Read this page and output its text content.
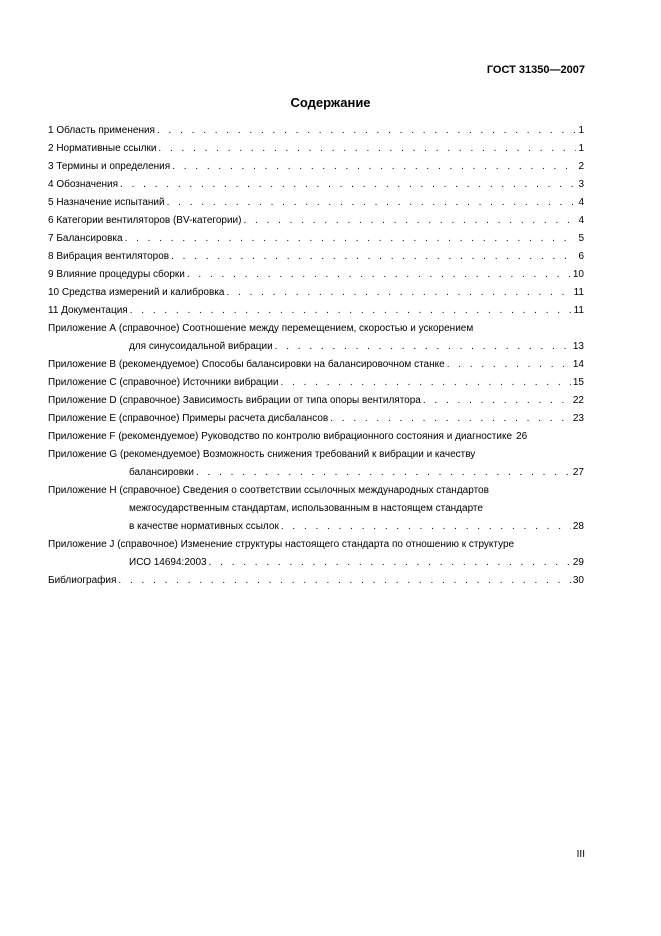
ГОСТ 31350—2007
Содержание
1 Область применения . . .	1
2 Нормативные ссылки . . .	1
3 Термины и определения . . .	2
4 Обозначения . . .	3
5 Назначение испытаний . . .	4
6 Категории вентиляторов (BV-категории) . . .	4
7 Балансировка . . .	5
8 Вибрация вентиляторов . . .	6
9 Влияние процедуры сборки . . .	10
10 Средства измерений и калибровка . . .	11
11 Документация . . .	11
Приложение А (справочное) Соотношение между перемещением, скоростью и ускорением
для синусоидальной вибрации . . .	13
Приложение В (рекомендуемое) Способы балансировки на балансировочном станке . . .	14
Приложение С (справочное) Источники вибрации . . .	15
Приложение D (справочное) Зависимость вибрации от типа опоры вентилятора . . .	22
Приложение Е (справочное) Примеры расчета дисбалансов . . .	23
Приложение F (рекомендуемое) Руководство по контролю вибрационного состояния и диагностике 26
Приложение G (рекомендуемое) Возможность снижения требований к вибрации и качеству
балансировки . . .	27
Приложение Н (справочное) Сведения о соответствии ссылочных международных стандартов
межгосударственным стандартам, использованным в настоящем стандарте
в качестве нормативных ссылок . . .	28
Приложение J (справочное) Изменение структуры настоящего стандарта по отношению к структуре
ИСО 14694:2003 . . .	29
Библиография . . .	30
III
